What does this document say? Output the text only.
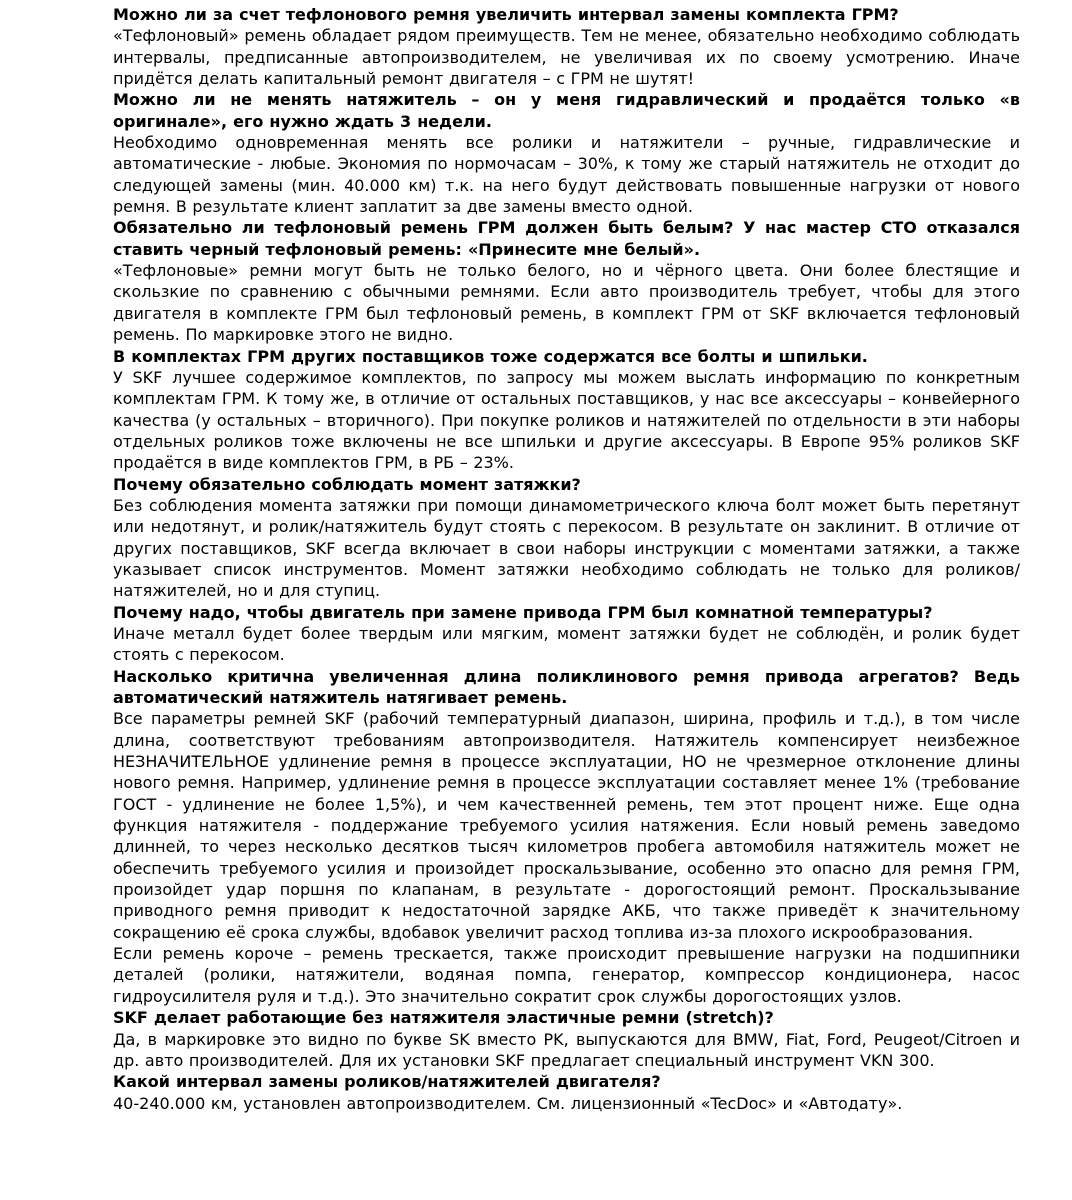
Можно ли за счет тефлонового ремня увеличить интервал замены комплекта ГРМ?

«Тефлоновый» ремень обладает рядом преимуществ. Тем не менее, обязательно необходимо соблюдать интервалы, предписанные автопроизводителем, не увеличивая их по своему усмотрению. Иначе придётся делать капитальный ремонт двигателя – с ГРМ не шутят!

Можно ли не менять натяжитель – он у меня гидравлический и продаётся только «в оригинале», его нужно ждать 3 недели.

Необходимо одновременная менять все ролики и натяжители – ручные, гидравлические и автоматические - любые. Экономия по нормочасам – 30%, к тому же старый натяжитель не отходит до следующей замены (мин. 40.000 км) т.к. на него будут действовать повышенные нагрузки от нового ремня. В результате клиент заплатит за две замены вместо одной.

Обязательно ли тефлоновый ремень ГРМ должен быть белым? У нас мастер СТО отказался ставить черный тефлоновый ремень: «Принесите мне белый».

«Тефлоновые» ремни могут быть не только белого, но и чёрного цвета. Они более блестящие и скользкие по сравнению с обычными ремнями. Если авто производитель требует, чтобы для этого двигателя в комплекте ГРМ был тефлоновый ремень, в комплект ГРМ от SKF включается тефлоновый ремень. По маркировке этого не видно.

В комплектах ГРМ других поставщиков тоже содержатся все болты и шпильки.

У SKF лучшее содержимое комплектов, по запросу мы можем выслать информацию по конкретным комплектам ГРМ. К тому же, в отличие от остальных поставщиков, у нас все аксессуары – конвейерного качества (у остальных – вторичного). При покупке роликов и натяжителей по отдельности в эти наборы отдельных роликов тоже включены не все шпильки и другие аксессуары. В Европе 95% роликов SKF продаётся в виде комплектов ГРМ, в РБ – 23%.

Почему обязательно соблюдать момент затяжки?

Без соблюдения момента затяжки при помощи динамометрического ключа болт может быть перетянут или недотянут, и ролик/натяжитель будут стоять с перекосом. В результате он заклинит. В отличие от других поставщиков, SKF всегда включает в свои наборы инструкции с моментами затяжки, а также указывает список инструментов. Момент затяжки необходимо соблюдать не только для роликов/натяжителей, но и для ступиц.

Почему надо, чтобы двигатель при замене привода ГРМ был комнатной температуры?

Иначе металл будет более твердым или мягким, момент затяжки будет не соблюдён, и ролик будет стоять с перекосом.

Насколько критична увеличенная длина поликлинового ремня привода агрегатов? Ведь автоматический натяжитель натягивает ремень.

Все параметры ремней SKF (рабочий температурный диапазон, ширина, профиль и т.д.), в том числе длина, соответствуют требованиям автопроизводителя. Натяжитель компенсирует неизбежное НЕЗНАЧИТЕЛЬНОЕ удлинение ремня в процессе эксплуатации, НО не чрезмерное отклонение длины нового ремня. Например, удлинение ремня в процессе эксплуатации составляет менее 1% (требование ГОСТ - удлинение не более 1,5%), и чем качественней ремень, тем этот процент ниже. Еще одна функция натяжителя - поддержание требуемого усилия натяжения. Если новый ремень заведомо длинней, то через несколько десятков тысяч километров пробега автомобиля натяжитель может не обеспечить требуемого усилия и произойдет проскальзывание, особенно это опасно для ремня ГРМ, произойдет удар поршня по клапанам, в результате - дорогостоящий ремонт. Проскальзывание приводного ремня приводит к недостаточной зарядке АКБ, что также приведёт к значительному сокращению её срока службы, вдобавок увеличит расход топлива из-за плохого искрообразования.

Если ремень короче – ремень трескается, также происходит превышение нагрузки на подшипники деталей (ролики, натяжители, водяная помпа, генератор, компрессор кондиционера, насос гидроусилителя руля и т.д.). Это значительно сократит срок службы дорогостоящих узлов.

SKF делает работающие без натяжителя эластичные ремни (stretch)?

Да, в маркировке это видно по букве SK вместо PK, выпускаются для BMW, Fiat, Ford, Peugeot/Citroen и др. авто производителей. Для их установки SKF предлагает специальный инструмент VKN 300.

Какой интервал замены роликов/натяжителей двигателя?

40-240.000 км, установлен автопроизводителем. См. лицензионный «TecDoc» и «Автодату».
